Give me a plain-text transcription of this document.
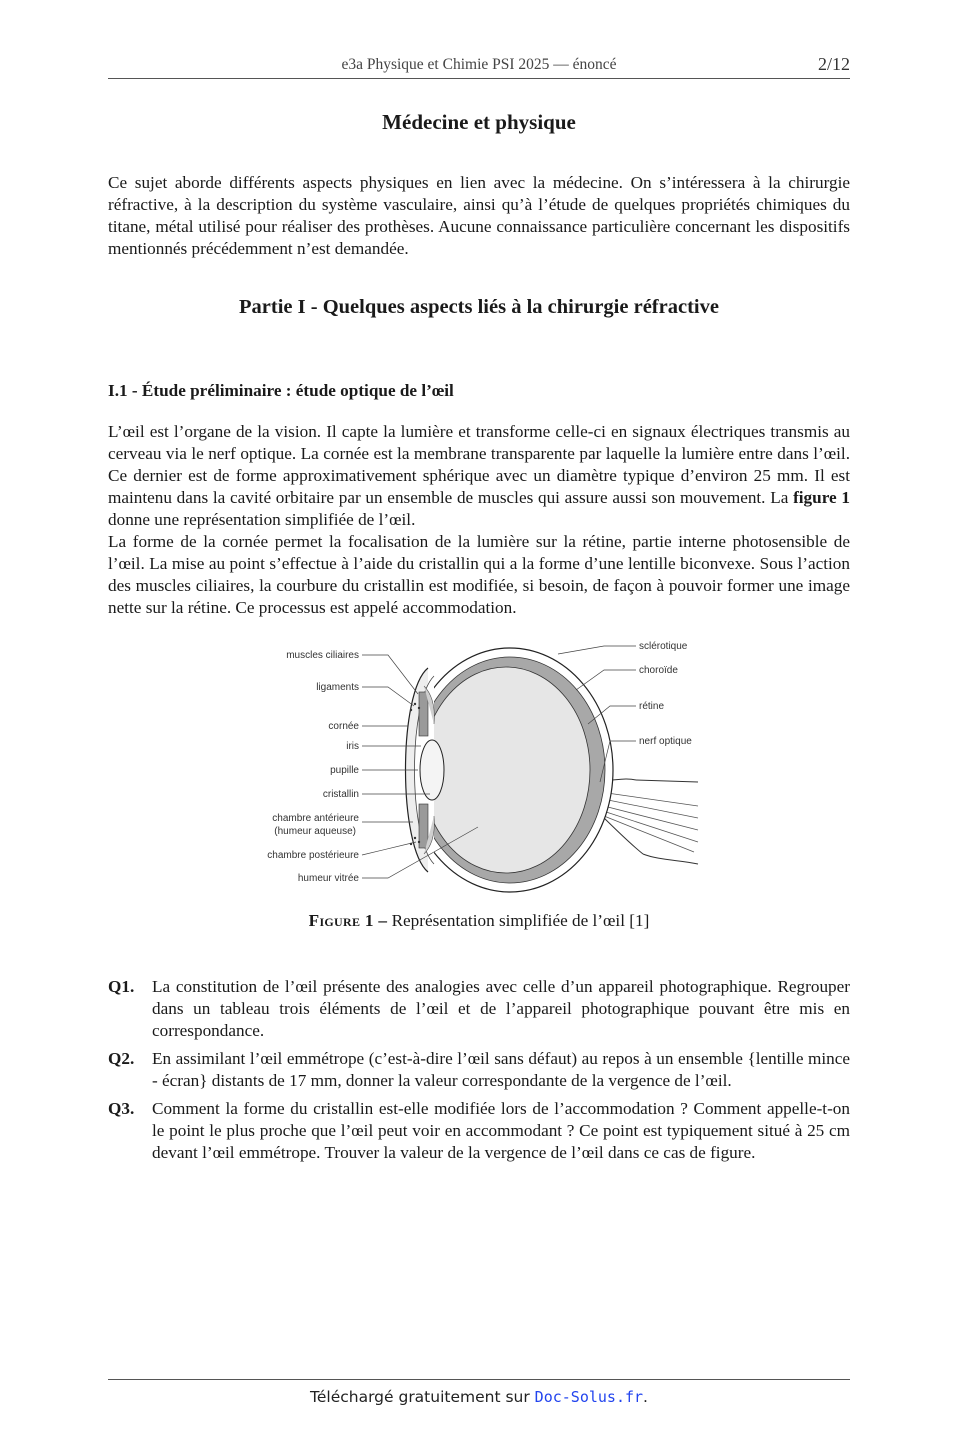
e3a Physique et Chimie PSI 2025 — énoncé	2/12
Médecine et physique
Ce sujet aborde différents aspects physiques en lien avec la médecine. On s’intéressera à la chirurgie réfractive, à la description du système vasculaire, ainsi qu’à l’étude de quelques propriétés chimiques du titane, métal utilisé pour réaliser des prothèses. Aucune connaissance particulière concernant les dispositifs mentionnés précédemment n’est demandée.
Partie I - Quelques aspects liés à la chirurgie réfractive
I.1 - Étude préliminaire : étude optique de l’œil
L’œil est l’organe de la vision. Il capte la lumière et transforme celle-ci en signaux électriques transmis au cerveau via le nerf optique. La cornée est la membrane transparente par laquelle la lumière entre dans l’œil. Ce dernier est de forme approximativement sphérique avec un diamètre typique d’environ 25 mm. Il est maintenu dans la cavité orbitaire par un ensemble de muscles qui assure aussi son mouvement. La figure 1 donne une représentation simplifiée de l’œil.
La forme de la cornée permet la focalisation de la lumière sur la rétine, partie interne photosensible de l’œil. La mise au point s’effectue à l’aide du cristallin qui a la forme d’une lentille biconvexe. Sous l’action des muscles ciliaires, la courbure du cristallin est modifiée, si besoin, de façon à pouvoir former une image nette sur la rétine. Ce processus est appelé accommodation.
muscles ciliaires
ligaments
cornée
iris
pupille
cristallin
chambre antérieure
(humeur aqueuse)
chambre postérieure
humeur vitrée
sclérotique
choroïde
rétine
nerf optique
Figure 1 – Représentation simplifiée de l’œil [1]
Q1. La constitution de l’œil présente des analogies avec celle d’un appareil photographique. Regrouper dans un tableau trois éléments de l’œil et de l’appareil photographique pouvant être mis en correspondance.
Q2. En assimilant l’œil emmétrope (c’est-à-dire l’œil sans défaut) au repos à un ensemble {lentille mince - écran} distants de 17 mm, donner la valeur correspondante de la vergence de l’œil.
Q3. Comment la forme du cristallin est-elle modifiée lors de l’accommodation ? Comment appelle-t-on le point le plus proche que l’œil peut voir en accommodant ? Ce point est typiquement situé à 25 cm devant l’œil emmétrope. Trouver la valeur de la vergence de l’œil dans ce cas de figure.
Téléchargé gratuitement sur Doc-Solus.fr.
